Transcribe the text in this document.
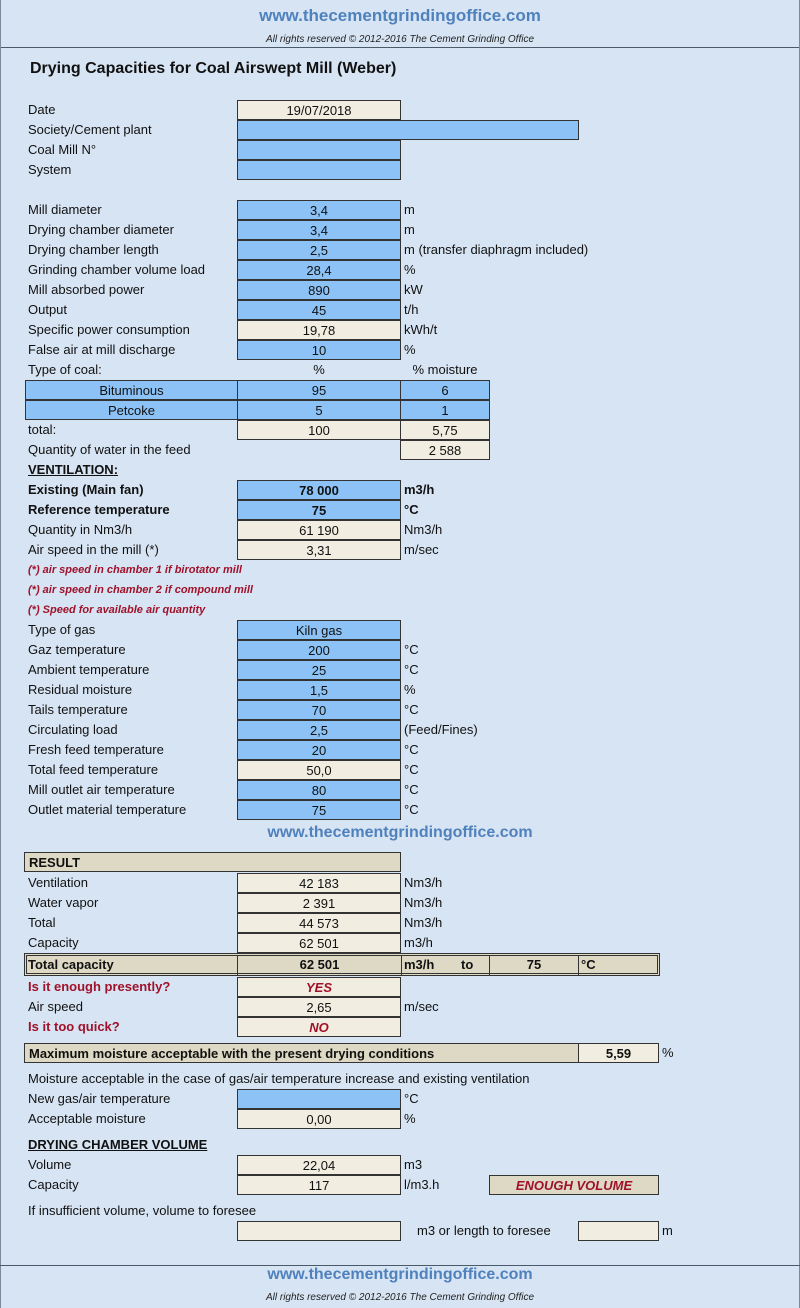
www.thecementgrindingoffice.com
All rights reserved © 2012-2016 The Cement Grinding Office
Drying Capacities for Coal Airswept Mill (Weber)
Date	19/07/2018
Society/Cement plant
Coal Mill N°
System
Mill diameter	3,4	m
Drying chamber diameter	3,4	m
Drying chamber length	2,5	m (transfer diaphragm included)
Grinding chamber volume load	28,4	%
Mill absorbed power	890	kW
Output	45	t/h
Specific power consumption	19,78	kWh/t
False air at mill discharge	10	%
Type of coal:	%	% moisture
Bituminous	95	6
Petcoke	5	1
total:	100	5,75
Quantity of water in the feed	2 588
VENTILATION:
Existing (Main fan)	78 000	m3/h
Reference temperature	75	°C
Quantity in Nm3/h	61 190	Nm3/h
Air speed in the mill (*)	3,31	m/sec
(*) air speed in chamber 1 if birotator mill
(*) air speed in chamber 2 if compound mill
(*) Speed for available air quantity
Type of gas	Kiln gas
Gaz temperature	200	°C
Ambient temperature	25	°C
Residual moisture	1,5	%
Tails temperature	70	°C
Circulating load	2,5	(Feed/Fines)
Fresh feed temperature	20	°C
Total feed temperature	50,0	°C
Mill outlet air temperature	80	°C
Outlet material temperature	75	°C
www.thecementgrindingoffice.com
RESULT
Ventilation	42 183	Nm3/h
Water vapor	2 391	Nm3/h
Total	44 573	Nm3/h
Capacity	62 501	m3/h
Total capacity	62 501	m3/h to	75	°C
Is it enough presently?	YES
Air speed	2,65	m/sec
Is it too quick?	NO
Maximum moisture acceptable with the present drying conditions	5,59	%
Moisture acceptable in the case of gas/air temperature increase and existing ventilation
New gas/air temperature	°C
Acceptable moisture	0,00	%
DRYING CHAMBER VOLUME
Volume	22,04	m3
Capacity	117	l/m3.h	ENOUGH VOLUME
If insufficient volume, volume to foresee
m3 or length to foresee	m
www.thecementgrindingoffice.com
All rights reserved © 2012-2016 The Cement Grinding Office
